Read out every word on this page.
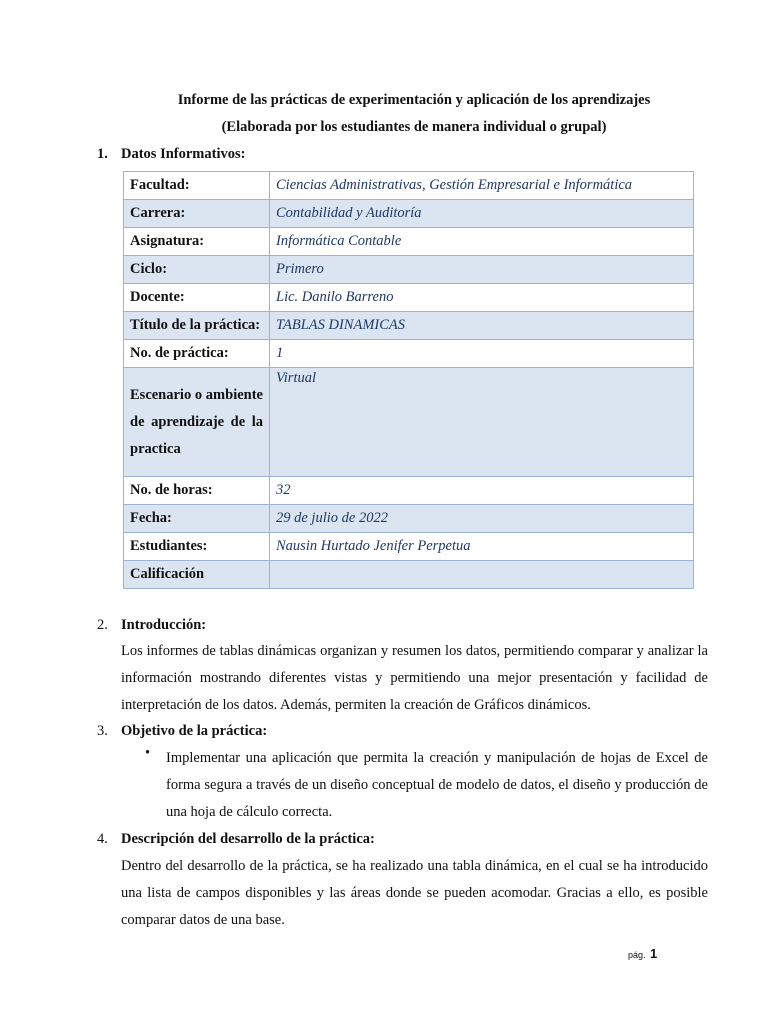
Informe de las prácticas de experimentación y aplicación de los aprendizajes
(Elaborada por los estudiantes de manera individual o grupal)
1. Datos Informativos:
Facultad:	Ciencias Administrativas, Gestión Empresarial e Informática
Carrera:	Contabilidad y Auditoría
Asignatura:	Informática Contable
Ciclo:	Primero
Docente:	Lic. Danilo Barreno
Título de la práctica:	TABLAS DINAMICAS
No. de práctica:	1
Escenario o ambiente de aprendizaje de la practica	Virtual
No. de horas:	32
Fecha:	29 de julio de 2022
Estudiantes:	Nausin Hurtado Jenifer Perpetua
Calificación	
2. Introducción:
Los informes de tablas dinámicas organizan y resumen los datos, permitiendo comparar y analizar la información mostrando diferentes vistas y permitiendo una mejor presentación y facilidad de interpretación de los datos. Además, permiten la creación de Gráficos dinámicos.
3. Objetivo de la práctica:
• Implementar una aplicación que permita la creación y manipulación de hojas de Excel de forma segura a través de un diseño conceptual de modelo de datos, el diseño y producción de una hoja de cálculo correcta.
4. Descripción del desarrollo de la práctica:
Dentro del desarrollo de la práctica, se ha realizado una tabla dinámica, en el cual se ha introducido una lista de campos disponibles y las áreas donde se pueden acomodar. Gracias a ello, es posible comparar datos de una base.
pág. 1
